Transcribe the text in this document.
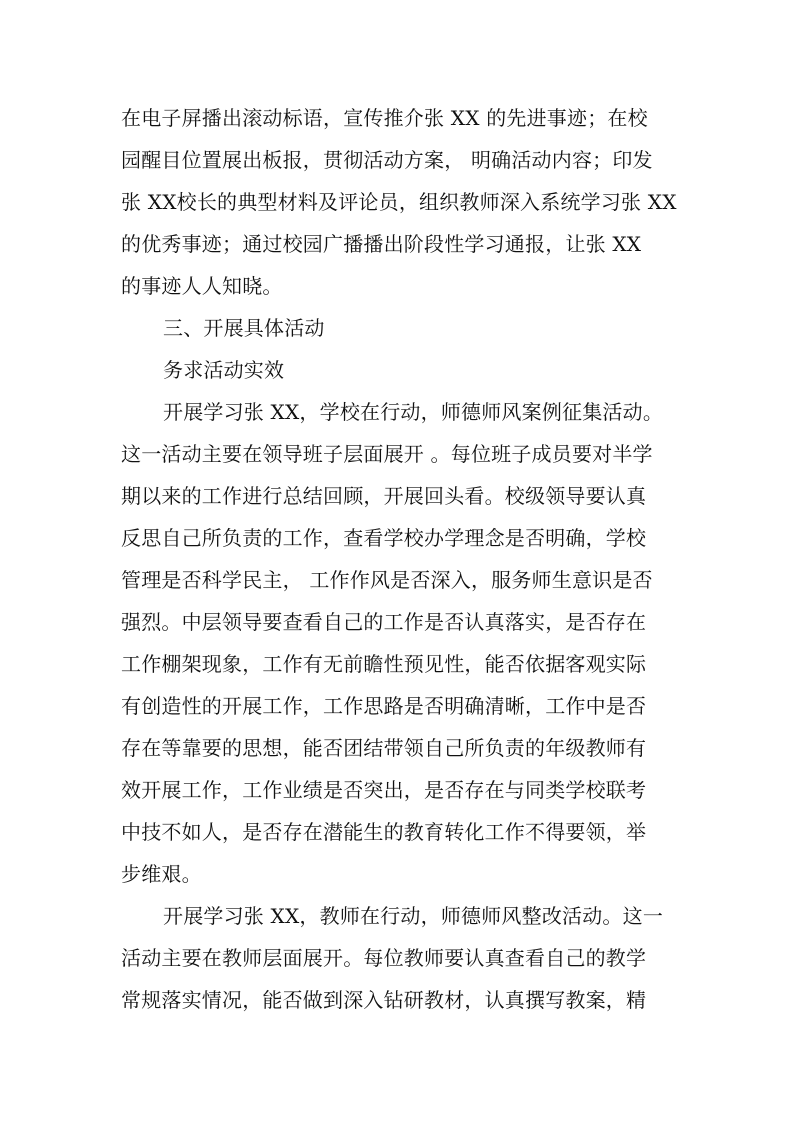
在电子屏播出滚动标语，宣传推介张 XX 的先进事迹；在校
园醒目位置展出板报，贯彻活动方案， 明确活动内容；印发
张 XX校长的典型材料及评论员，组织教师深入系统学习张 XX
的优秀事迹；通过校园广播播出阶段性学习通报，让张 XX
的事迹人人知晓。
三、开展具体活动
务求活动实效
开展学习张 XX，学校在行动，师德师风案例征集活动。
这一活动主要在领导班子层面展开 。每位班子成员要对半学
期以来的工作进行总结回顾，开展回头看。校级领导要认真
反思自己所负责的工作，查看学校办学理念是否明确，学校
管理是否科学民主， 工作作风是否深入，服务师生意识是否
强烈。中层领导要查看自己的工作是否认真落实，是否存在
工作棚架现象，工作有无前瞻性预见性，能否依据客观实际
有创造性的开展工作，工作思路是否明确清晰，工作中是否
存在等靠要的思想，能否团结带领自己所负责的年级教师有
效开展工作，工作业绩是否突出，是否存在与同类学校联考
中技不如人，是否存在潜能生的教育转化工作不得要领，举
步维艰。
开展学习张 XX，教师在行动，师德师风整改活动。这一
活动主要在教师层面展开。每位教师要认真查看自己的教学
常规落实情况，能否做到深入钻研教材，认真撰写教案，精
